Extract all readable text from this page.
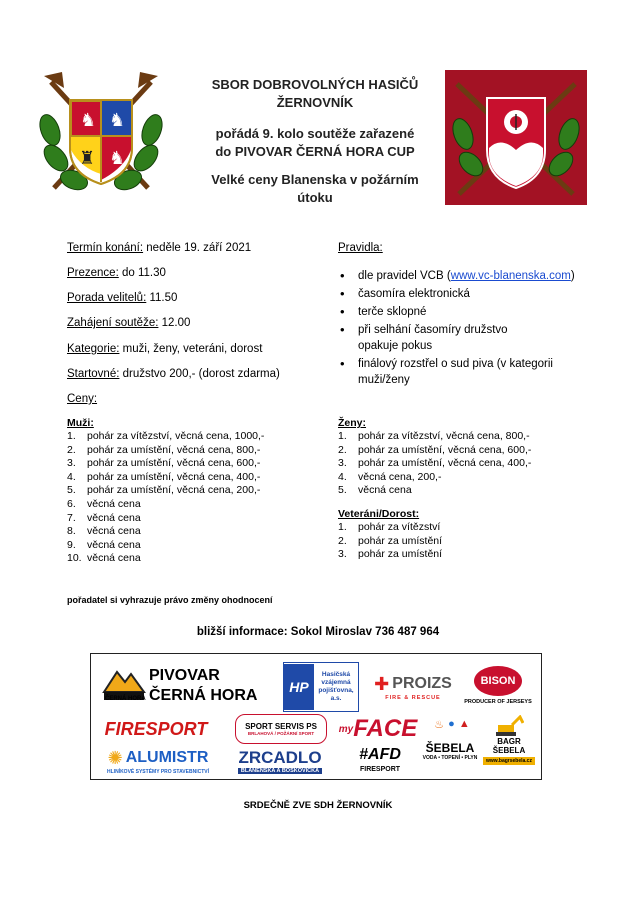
♞ ♞
♜ ♞
SBOR DOBROVOLNÝCH HASIČŮ
ŽERNOVNÍK
pořádá 9. kolo soutěže zařazené
do PIVOVAR ČERNÁ HORA CUP
Velké ceny Blanenska v požárním
útoku
Termín konání: neděle 19. září 2021
Prezence: do 11.30
Porada velitelů: 11.50
Zahájení soutěže: 12.00
Kategorie: muži, ženy, veteráni, dorost
Startovné: družstvo 200,- (dorost zdarma)
Ceny:
Pravidla:
• dle pravidel VCB (www.vc-blanenska.com)
• časomíra elektronická
• terče sklopné
• při selhání časomíry družstvo
opakuje pokus
• finálový rozstřel o sud piva (v kategorii
muži/ženy
Muži:
1. pohár za vítězství, věcná cena, 1000,-
2. pohár za umístění, věcná cena, 800,-
3. pohár za umístění, věcná cena, 600,-
4. pohár za umístění, věcná cena, 400,-
5. pohár za umístění, věcná cena, 200,-
6. věcná cena
7. věcná cena
8. věcná cena
9. věcná cena
10. věcná cena
Ženy:
1. pohár za vítězství, věcná cena, 800,-
2. pohár za umístění, věcná cena, 600,-
3. pohár za umístění, věcná cena, 400,-
4. věcná cena, 200,-
5. věcná cena
Veteráni/Dorost:
1. pohár za vítězství
2. pohár za umístění
3. pohár za umístění
pořadatel si vyhrazuje právo změny ohodnocení
bližší informace: Sokol Miroslav 736 487 964
ČERNÁ HORA
PIVOVAR
ČERNÁ HORA	HP
Hasičská
vzájemná
pojišťovna, a.s.
✚ PROIZS
FIRE & RESCUE
BISON
PRODUCER OF JERSEYS
FIRESPORT	SPORT SERVIS PS
BRLAHOVÁ / POŽÁRNÍ SPORT my FACE ♨ ● ▲
BAGR ŠEBELA
www.bagrsebela.cz
✺ ALUMISTR
HLINÍKOVÉ SYSTÉMY PRO STAVEBNICTVÍ
ZRCADLO
BLANENSKA A BOSKOVICKA
#AFD
FIRESPORT
ŠEBELA
VODA • TOPENÍ • PLYN
SRDEČNĚ ZVE SDH ŽERNOVNÍK
